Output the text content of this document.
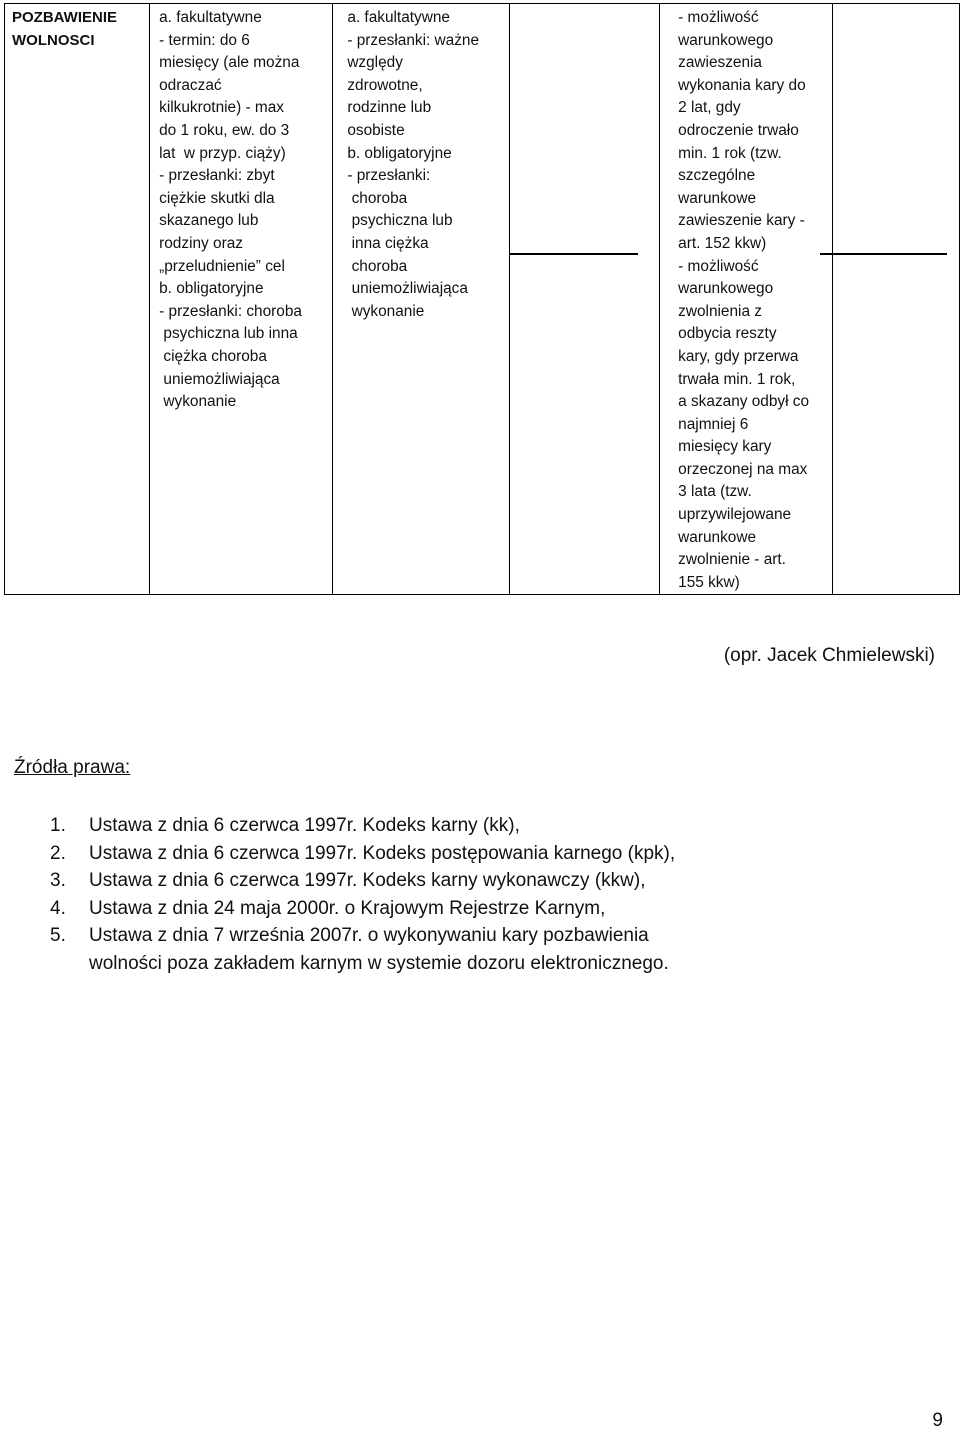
POZBAWIENIE
WOLNOSCI	a. fakultatywne
- termin: do 6
miesięcy (ale można
odraczać
kilkukrotnie) - max
do 1 roku, ew. do 3
lat  w przyp. ciąży)
- przesłanki: zbyt
ciężkie skutki dla
skazanego lub
rodziny oraz
„przeludnienie” cel
b. obligatoryjne
- przesłanki: choroba
psychiczna lub inna
ciężka choroba
uniemożliwiająca
wykonanie	a. fakultatywne
- przesłanki: ważne
względy
zdrowotne,
rodzinne lub
osobiste
b. obligatoryjne
- przesłanki:
choroba
psychiczna lub
inna ciężka
choroba
uniemożliwiająca
wykonanie		- możliwość
warunkowego
zawieszenia
wykonania kary do
2 lat, gdy
odroczenie trwało
min. 1 rok (tzw.
szczególne
warunkowe
zawieszenie kary -
art. 152 kkw)
- możliwość
warunkowego
zwolnienia z
odbycia reszty
kary, gdy przerwa
trwała min. 1 rok,
a skazany odbył co
najmniej 6
miesięcy kary
orzeczonej na max
3 lata (tzw.
uprzywilejowane
warunkowe
zwolnienie - art.
155 kkw)	
(opr. Jacek Chmielewski)
Źródła prawa:
1.	Ustawa z dnia 6 czerwca 1997r. Kodeks karny (kk),
2.	Ustawa z dnia 6 czerwca 1997r. Kodeks postępowania karnego (kpk),
3.	Ustawa z dnia 6 czerwca 1997r. Kodeks karny wykonawczy (kkw),
4.	Ustawa z dnia 24 maja 2000r. o Krajowym Rejestrze Karnym,
5.	Ustawa z dnia 7 września 2007r. o wykonywaniu kary pozbawienia
wolności poza zakładem karnym w systemie dozoru elektronicznego.
9
